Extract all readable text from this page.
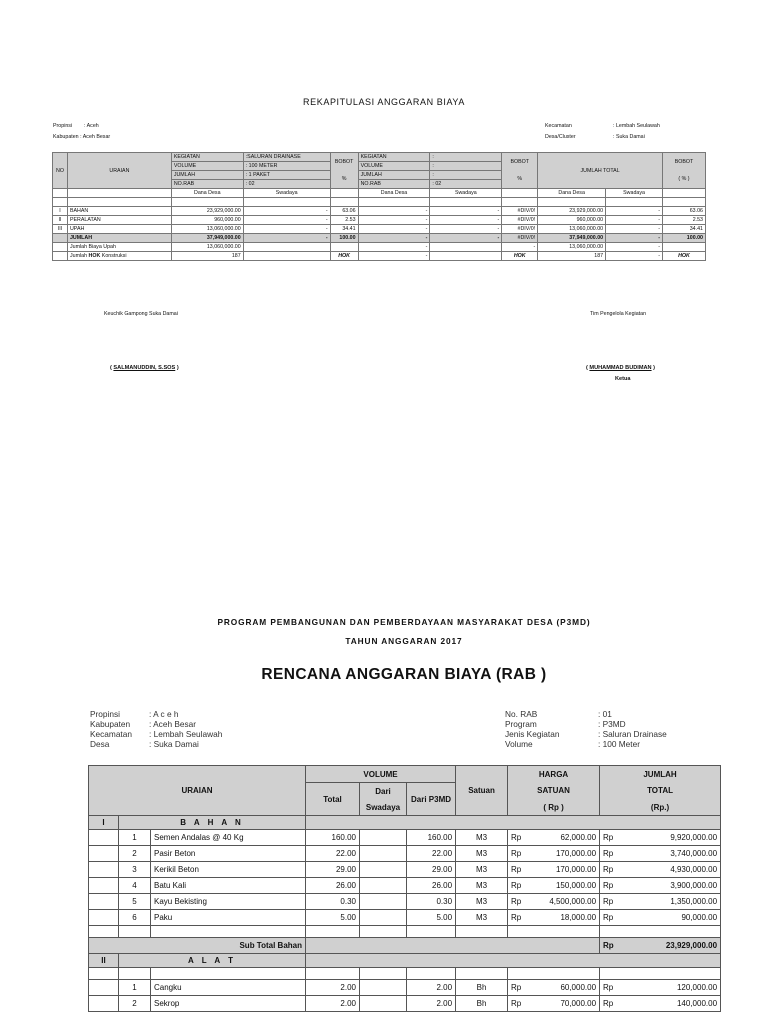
REKAPITULASI ANGGARAN BIAYA
Propinsi : Aceh
Kabupaten : Aceh Besar
Kecamatan	: Lembah Seulawah
Desa/Cluster	: Suka Damai
NO	URAIAN	KEGIATAN	:SALURAN DRAINASE	BOBOT	KEGIATAN	:	BOBOT	JUMLAH TOTAL		BOBOT
		VOLUME	: 100 METER		VOLUME	:				
		JUMLAH	: 1 PAKET	%	JUMLAH	:	%			( % )
		NO.RAB	: 02		NO.RAB	: 02				
		Dana Desa	Swadaya		Dana Desa	Swadaya		Dana Desa	Swadaya	

I	BAHAN	23,929,000.00	-	63.06	-	-	#DIV/0!	23,929,000.00	-	63.06
II	PERALATAN	960,000.00	-	2.53	-	-	#DIV/0!	960,000.00	-	2.53
III	UPAH	13,060,000.00	-	34.41	-	-	#DIV/0!	13,060,000.00	-	34.41
	JUMLAH	37,949,000.00	-	100.00	-	-	#DIV/0!	37,949,000.00	-	100.00
	Jumlah Biaya Upah	13,060,000.00			-		-	13,060,000.00	-	
	Jumlah HOK Konstruksi	187		HOK	-		HOK	187	-	HOK
Keuchik Gampong Suka Damai	Tim Pengelola Kegiatan
( SALMANUDDIN, S.SOS )	( MUHAMMAD BUDIMAN )
Ketua
PROGRAM PEMBANGUNAN DAN PEMBERDAYAAN MASYARAKAT DESA (P3MD)
TAHUN ANGGARAN 2017
RENCANA ANGGARAN BIAYA (RAB )
Propinsi	: A c e h
Kabupaten : Aceh Besar
Kecamatan : Lembah Seulawah
Desa	: Suka Damai
No. RAB	: 01
Program	: P3MD
Jenis Kegiatan	: Saluran Drainase
Volume	: 100 Meter
URAIAN			VOLUME			Satuan	HARGA		JUMLAH	
			Total	Dari	Dari P3MD		SATUAN		TOTAL	
				Swadaya			( Rp )		(Rp.)	
I	B A H A N									
	1	Semen Andalas @ 40 Kg	160.00		160.00	M3	Rp	62,000.00	Rp	9,920,000.00
	2	Pasir Beton	22.00		22.00	M3	Rp	170,000.00	Rp	3,740,000.00
	3	Kerikil Beton	29.00		29.00	M3	Rp	170,000.00	Rp	4,930,000.00
	4	Batu Kali	26.00		26.00	M3	Rp	150,000.00	Rp	3,900,000.00
	5	Kayu Bekisting	0.30		0.30	M3	Rp	4,500,000.00	Rp	1,350,000.00
	6	Paku	5.00		5.00	M3	Rp	18,000.00	Rp	90,000.00

Sub Total Bahan									Rp	23,929,000.00
II	A L A T									

	1	Cangku	2.00		2.00	Bh	Rp	60,000.00	Rp	120,000.00
	2	Sekrop	2.00		2.00	Bh	Rp	70,000.00	Rp	140,000.00
